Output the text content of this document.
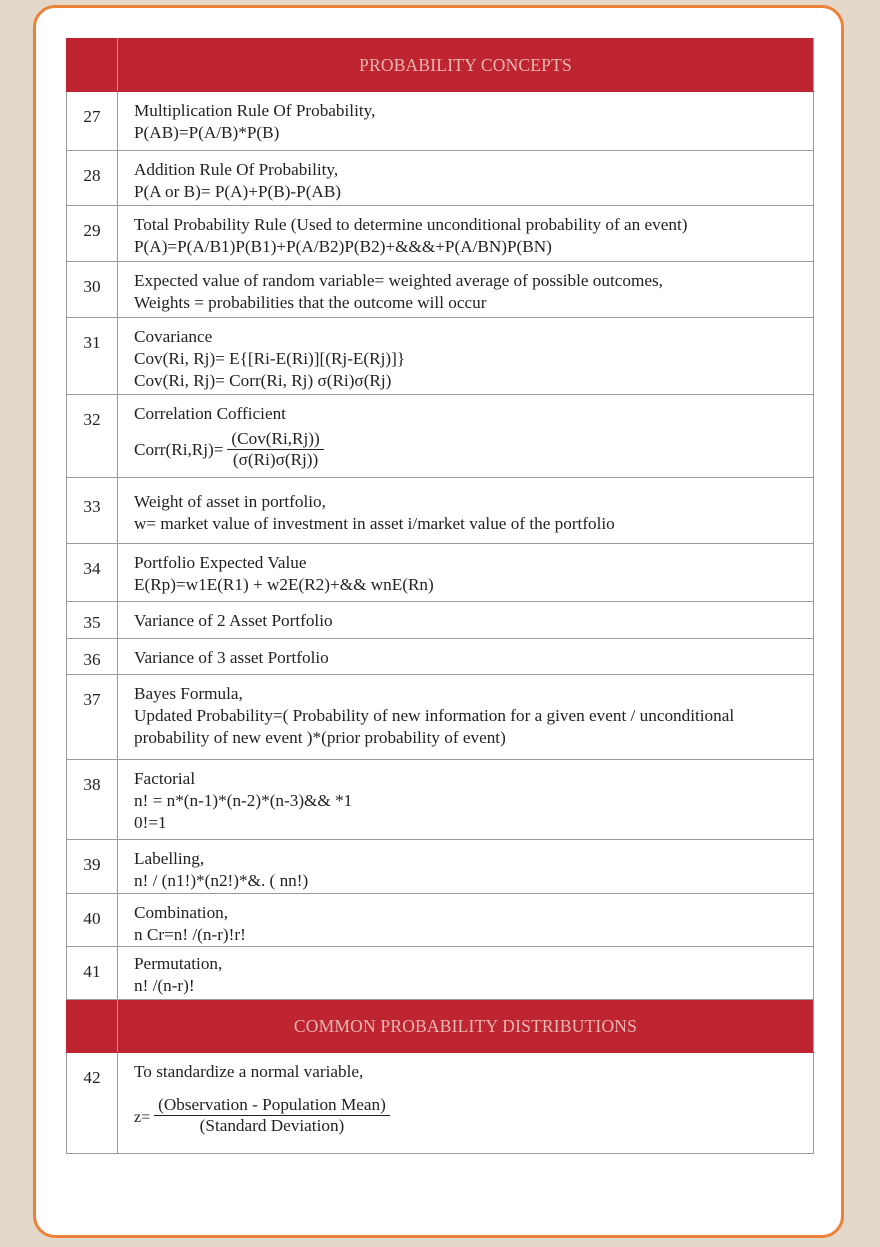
	PROBABILITY CONCEPTS
27	Multiplication Rule Of Probability,
P(AB)=P(A/B)*P(B)

28	Addition Rule Of Probability,
P(A or B)= P(A)+P(B)-P(AB)

29	Total Probability Rule (Used to determine unconditional probability of an event)
P(A)=P(A/B1)P(B1)+P(A/B2)P(B2)+&&&+P(A/BN)P(BN)

30	Expected value of random variable= weighted average of possible outcomes,
Weights = probabilities that the outcome will occur

31	Covariance
Cov(Ri, Rj)= E{[Ri-E(Ri)][(Rj-E(Rj)]}
Cov(Ri, Rj)= Corr(Ri, Rj) σ(Ri)σ(Rj)

32	Correlation Cofficient
Corr(Ri,Rj)= $\frac{\text{(Cov(Ri,Rj))}}{(\sigma(Ri)\sigma(Rj))}$

33	Weight of asset in portfolio,
w= market value of investment in asset i/market value of the portfolio

34	Portfolio Expected Value
E(Rp)=w1E(R1) + w2E(R2)+&& wnE(Rn)

35	Variance of 2 Asset Portfolio

36	Variance of 3 asset Portfolio

37	Bayes Formula,
Updated Probability=( Probability of new information for a given event / unconditional
probability of new event )*(prior probability of event)

38	Factorial
n! = n*(n-1)*(n-2)*(n-3)&& *1
0!=1

39	Labelling,
n! / (n1!)*(n2!)*&. ( nn!)

40	Combination,
n Cr=n! /(n-r)!r!

41	Permutation,
n! /(n-r)!

	COMMON PROBABILITY DISTRIBUTIONS
42	To standardize a normal variable,
$z= \frac{\text{(Observation - Population Mean)}}{\text{(Standard Deviation)}}$
